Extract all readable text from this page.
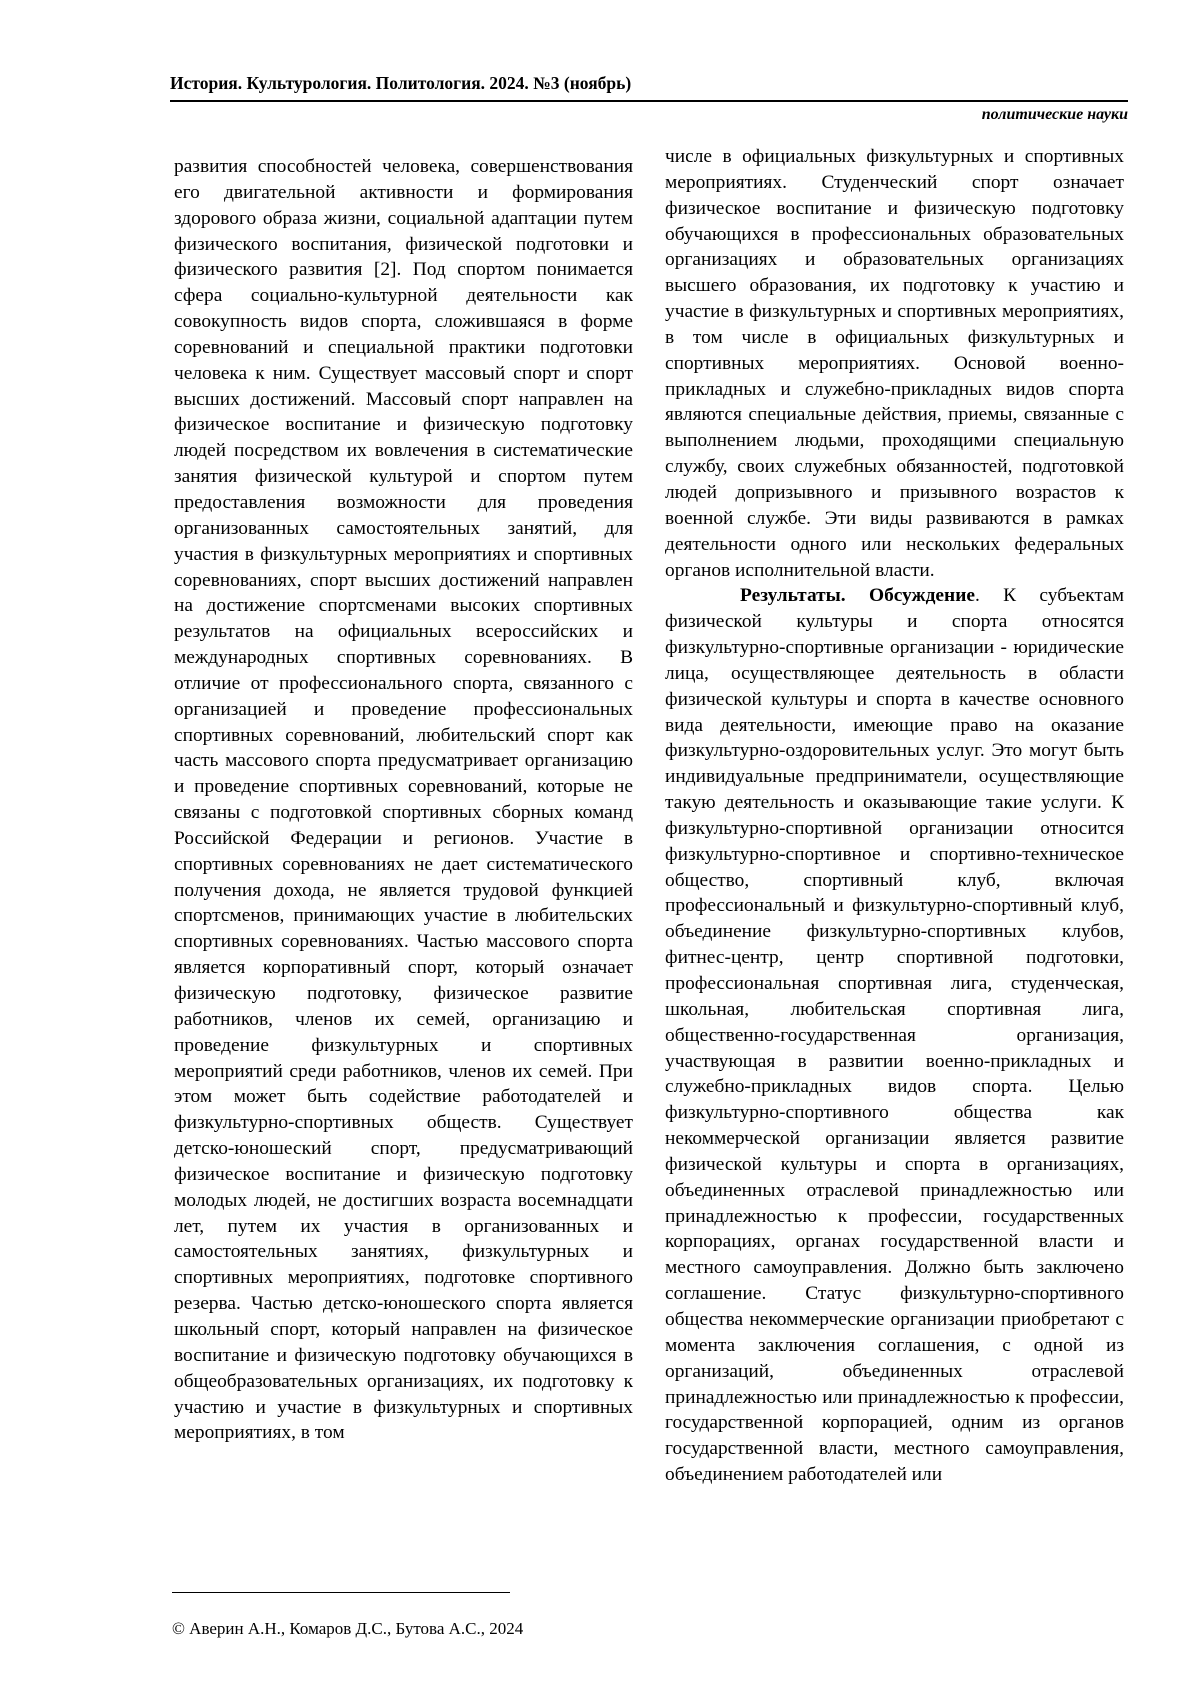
История. Культурология. Политология. 2024. №3 (ноябрь)
политические науки

развития способностей человека, совершенствования его двигательной активности и формирования здорового образа жизни, социальной адаптации путем физического воспитания, физической подготовки и физического развития [2]. Под спортом понимается сфера социально-культурной деятельности как совокупность видов спорта, сложившаяся в форме соревнований и специальной практики подготовки человека к ним. Существует массовый спорт и спорт высших достижений. Массовый спорт направлен на физическое воспитание и физическую подготовку людей посредством их вовлечения в систематические занятия физической культурой и спортом путем предоставления возможности для проведения организованных самостоятельных занятий, для участия в физкультурных мероприятиях и спортивных соревнованиях, спорт высших достижений направлен на достижение спортсменами высоких спортивных результатов на официальных всероссийских и международных спортивных соревнованиях. В отличие от профессионального спорта, связанного с организацией и проведение профессиональных спортивных соревнований, любительский спорт как часть массового спорта предусматривает организацию и проведение спортивных соревнований, которые не связаны с подготовкой спортивных сборных команд Российской Федерации и регионов. Участие в спортивных соревнованиях не дает систематического получения дохода, не является трудовой функцией спортсменов, принимающих участие в любительских спортивных соревнованиях. Частью массового спорта является корпоративный спорт, который означает физическую подготовку, физическое развитие работников, членов их семей, организацию и проведение физкультурных и спортивных мероприятий среди работников, членов их семей. При этом может быть содействие работодателей и физкультурно-спортивных обществ. Существует детско-юношеский спорт, предусматривающий физическое воспитание и физическую подготовку молодых людей, не достигших возраста восемнадцати лет, путем их участия в организованных и самостоятельных занятиях, физкультурных и спортивных мероприятиях, подготовке спортивного резерва. Частью детско-юношеского спорта является школьный спорт, который направлен на физическое воспитание и физическую подготовку обучающихся в общеобразовательных организациях, их подготовку к участию и участие в физкультурных и спортивных мероприятиях, в том

числе в официальных физкультурных и спортивных мероприятиях. Студенческий спорт означает физическое воспитание и физическую подготовку обучающихся в профессиональных образовательных организациях и образовательных организациях высшего образования, их подготовку к участию и участие в физкультурных и спортивных мероприятиях, в том числе в официальных физкультурных и спортивных мероприятиях. Основой военно-прикладных и служебно-прикладных видов спорта являются специальные действия, приемы, связанные с выполнением людьми, проходящими специальную службу, своих служебных обязанностей, подготовкой людей допризывного и призывного возрастов к военной службе. Эти виды развиваются в рамках деятельности одного или нескольких федеральных органов исполнительной власти.

Результаты. Обсуждение. К субъектам физической культуры и спорта относятся физкультурно-спортивные организации - юридические лица, осуществляющее деятельность в области физической культуры и спорта в качестве основного вида деятельности, имеющие право на оказание физкультурно-оздоровительных услуг. Это могут быть индивидуальные предприниматели, осуществляющие такую деятельность и оказывающие такие услуги. К физкультурно-спортивной организации относится физкультурно-спортивное и спортивно-техническое общество, спортивный клуб, включая профессиональный и физкультурно-спортивный клуб, объединение физкультурно-спортивных клубов, фитнес-центр, центр спортивной подготовки, профессиональная спортивная лига, студенческая, школьная, любительская спортивная лига, общественно-государственная организация, участвующая в развитии военно-прикладных и служебно-прикладных видов спорта. Целью физкультурно-спортивного общества как некоммерческой организации является развитие физической культуры и спорта в организациях, объединенных отраслевой принадлежностью или принадлежностью к профессии, государственных корпорациях, органах государственной власти и местного самоуправления. Должно быть заключено соглашение. Статус физкультурно-спортивного общества некоммерческие организации приобретают с момента заключения соглашения, с одной из организаций, объединенных отраслевой принадлежностью или принадлежностью к профессии, государственной корпорацией, одним из органов государственной власти, местного самоуправления, объединением работодателей или

© Аверин А.Н., Комаров Д.С., Бутова А.С., 2024
